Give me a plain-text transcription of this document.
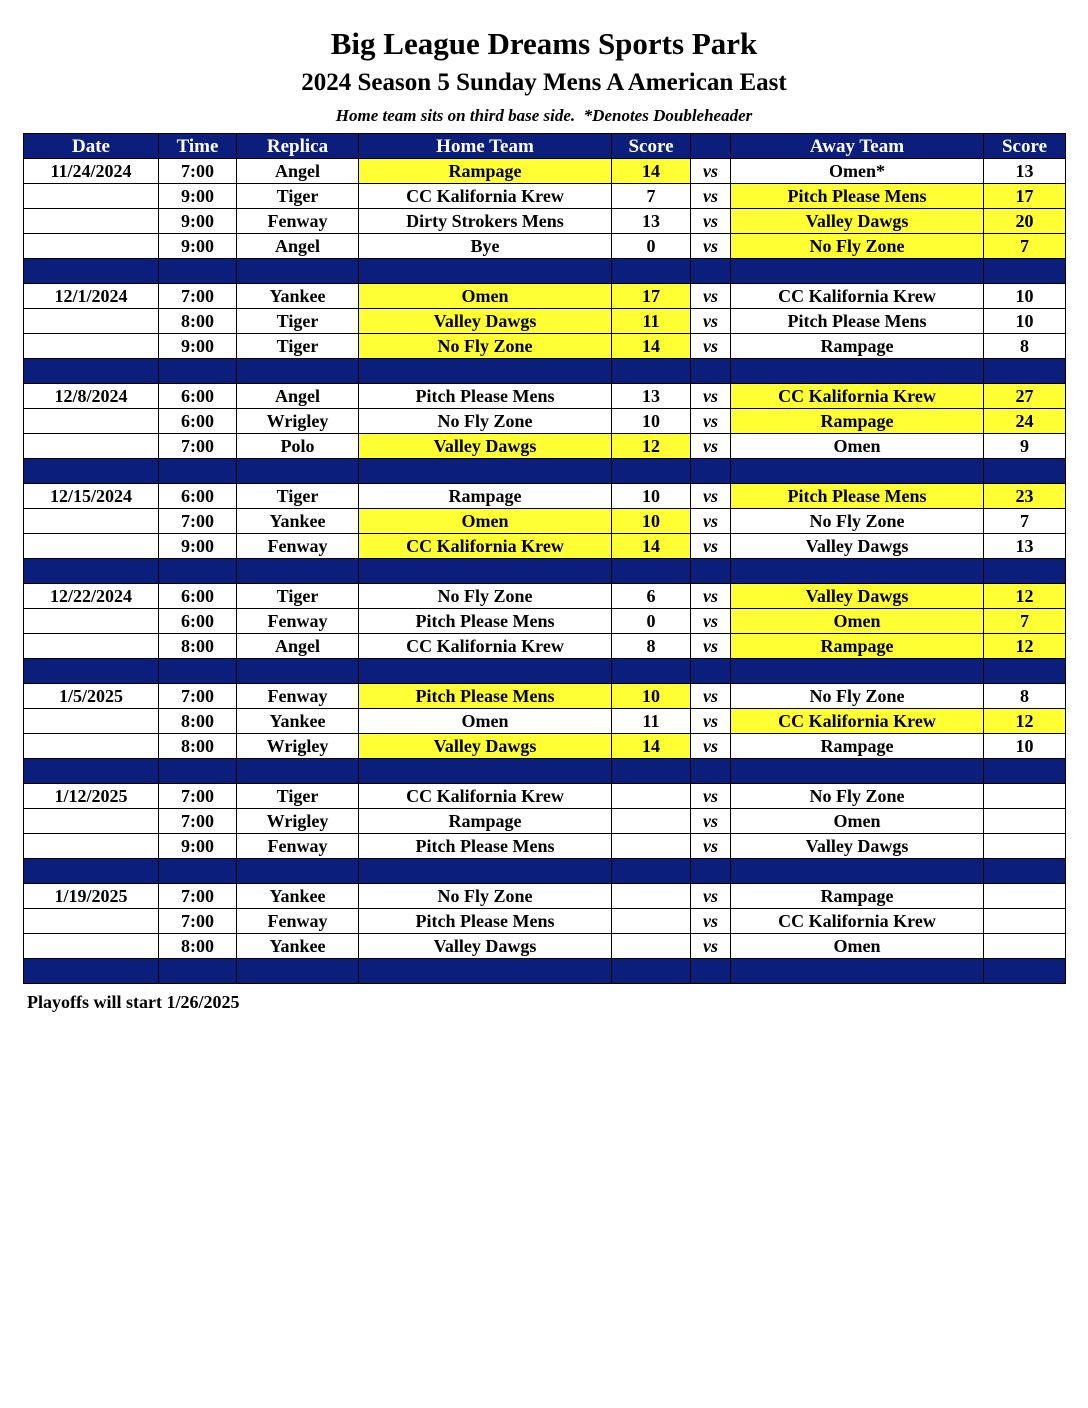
Big League Dreams Sports Park
2024 Season 5 Sunday Mens A American East
Home team sits on third base side.  *Denotes Doubleheader
Date	Time	Replica	Home Team	Score		Away Team	Score
11/24/2024	7:00	Angel	Rampage	14	vs	Omen*	13
	9:00	Tiger	CC Kalifornia Krew	7	vs	Pitch Please Mens	17
	9:00	Fenway	Dirty Strokers Mens	13	vs	Valley Dawgs	20
	9:00	Angel	Bye	0	vs	No Fly Zone	7

12/1/2024	7:00	Yankee	Omen	17	vs	CC Kalifornia Krew	10
	8:00	Tiger	Valley Dawgs	11	vs	Pitch Please Mens	10
	9:00	Tiger	No Fly Zone	14	vs	Rampage	8

12/8/2024	6:00	Angel	Pitch Please Mens	13	vs	CC Kalifornia Krew	27
	6:00	Wrigley	No Fly Zone	10	vs	Rampage	24
	7:00	Polo	Valley Dawgs	12	vs	Omen	9

12/15/2024	6:00	Tiger	Rampage	10	vs	Pitch Please Mens	23
	7:00	Yankee	Omen	10	vs	No Fly Zone	7
	9:00	Fenway	CC Kalifornia Krew	14	vs	Valley Dawgs	13

12/22/2024	6:00	Tiger	No Fly Zone	6	vs	Valley Dawgs	12
	6:00	Fenway	Pitch Please Mens	0	vs	Omen	7
	8:00	Angel	CC Kalifornia Krew	8	vs	Rampage	12

1/5/2025	7:00	Fenway	Pitch Please Mens	10	vs	No Fly Zone	8
	8:00	Yankee	Omen	11	vs	CC Kalifornia Krew	12
	8:00	Wrigley	Valley Dawgs	14	vs	Rampage	10

1/12/2025	7:00	Tiger	CC Kalifornia Krew		vs	No Fly Zone	
	7:00	Wrigley	Rampage		vs	Omen	
	9:00	Fenway	Pitch Please Mens		vs	Valley Dawgs	

1/19/2025	7:00	Yankee	No Fly Zone		vs	Rampage	
	7:00	Fenway	Pitch Please Mens		vs	CC Kalifornia Krew	
	8:00	Yankee	Valley Dawgs		vs	Omen	

Playoffs will start 1/26/2025
